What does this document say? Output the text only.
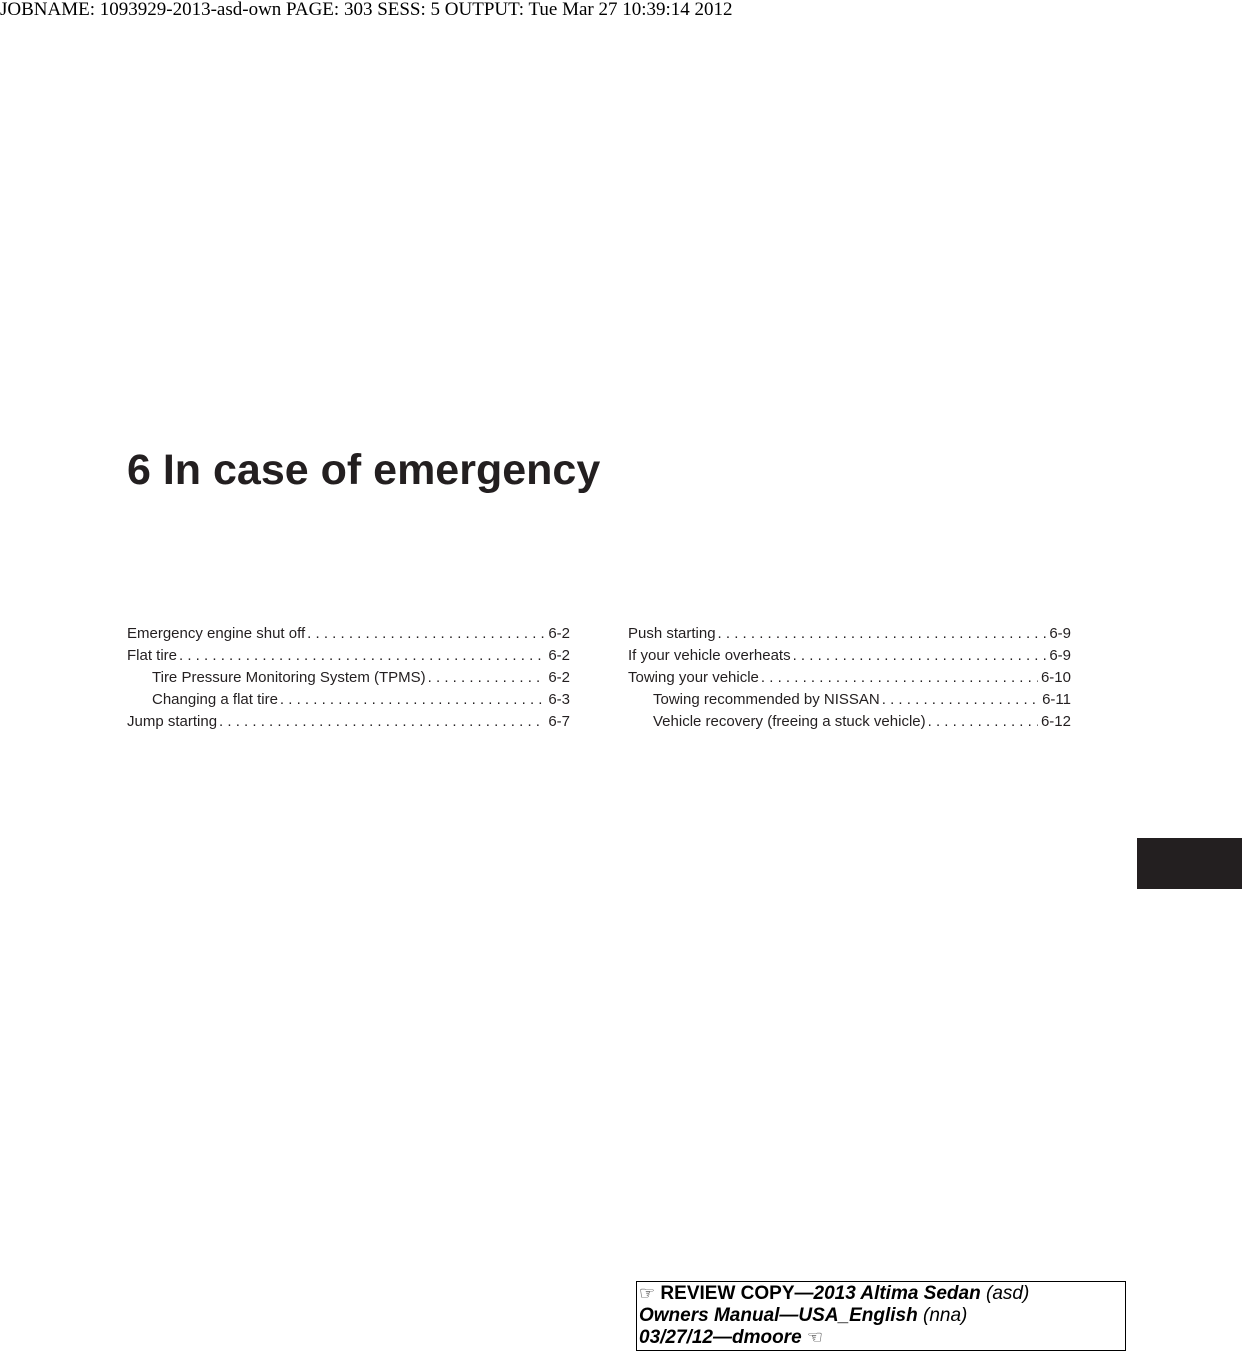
JOBNAME: 1093929-2013-asd-own PAGE: 303 SESS: 5 OUTPUT: Tue Mar 27 10:39:14 2012
6 In case of emergency
Emergency engine shut off . . .	6-2
Flat tire . . .	6-2
Tire Pressure Monitoring System (TPMS) . . .	6-2
Changing a flat tire . . .	6-3
Jump starting . . .	6-7
Push starting . . .	6-9
If your vehicle overheats . . .	6-9
Towing your vehicle . . .	6-10
Towing recommended by NISSAN . . .	6-11
Vehicle recovery (freeing a stuck vehicle) . . .	6-12
☞ REVIEW COPY—2013 Altima Sedan (asd)
Owners Manual—USA_English (nna)
03/27/12—dmoore ☜
